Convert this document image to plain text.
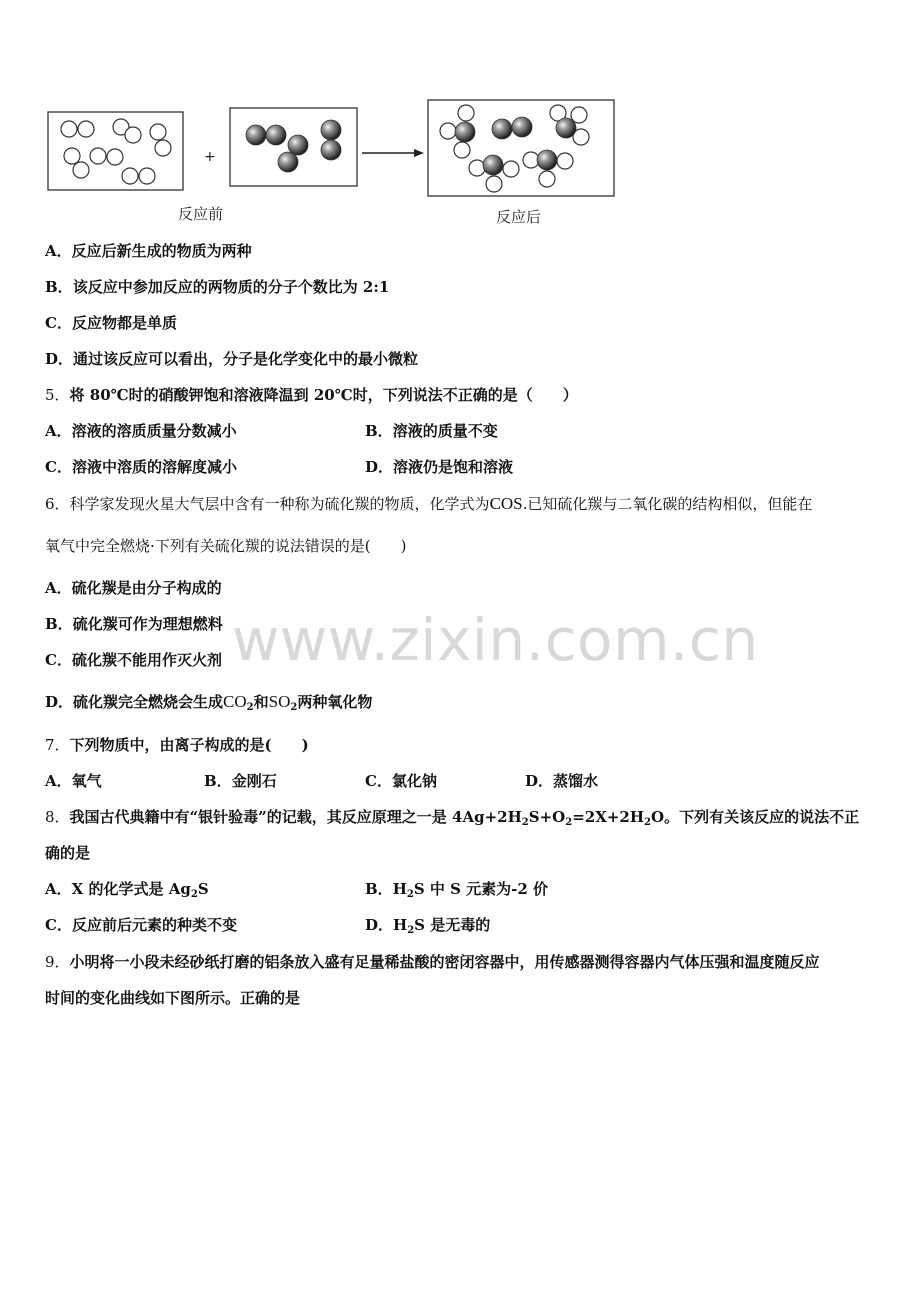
+
反应前	反应后
A．反应后新生成的物质为两种
B．该反应中参加反应的两物质的分子个数比为 2:1
C．反应物都是单质
D．通过该反应可以看出，分子是化学变化中的最小微粒
5．将 80℃时的硝酸钾饱和溶液降温到 20℃时，下列说法不正确的是（　　）
A．溶液的溶质质量分数减小	B．溶液的质量不变
C．溶液中溶质的溶解度减小	D．溶液仍是饱和溶液
6．科学家发现火星大气层中含有一种称为硫化羰的物质，化学式为COS.已知硫化羰与二氧化碳的结构相似，但能在
氧气中完全燃烧·下列有关硫化羰的说法错误的是(　　)
A．硫化羰是由分子构成的
B．硫化羰可作为理想燃料
C．硫化羰不能用作灭火剂
D．硫化羰完全燃烧会生成$CO_2$和$SO_2$两种氧化物
7．下列物质中，由离子构成的是(　　)
A．氧气	B．金刚石	C．氯化钠	D．蒸馏水
8．我国古代典籍中有“银针验毒”的记载，其反应原理之一是 $4Ag+2H_2S+O_2=2X+2H_2O$。下列有关该反应的说法不正
确的是
A．X 的化学式是 $Ag_2S$	B．$H_2S$ 中 S 元素为-2 价
C．反应前后元素的种类不变	D．$H_2S$ 是无毒的
9．小明将一小段未经砂纸打磨的铝条放入盛有足量稀盐酸的密闭容器中，用传感器测得容器内气体压强和温度随反应
时间的变化曲线如下图所示。正确的是
www.zixin.com.cn
